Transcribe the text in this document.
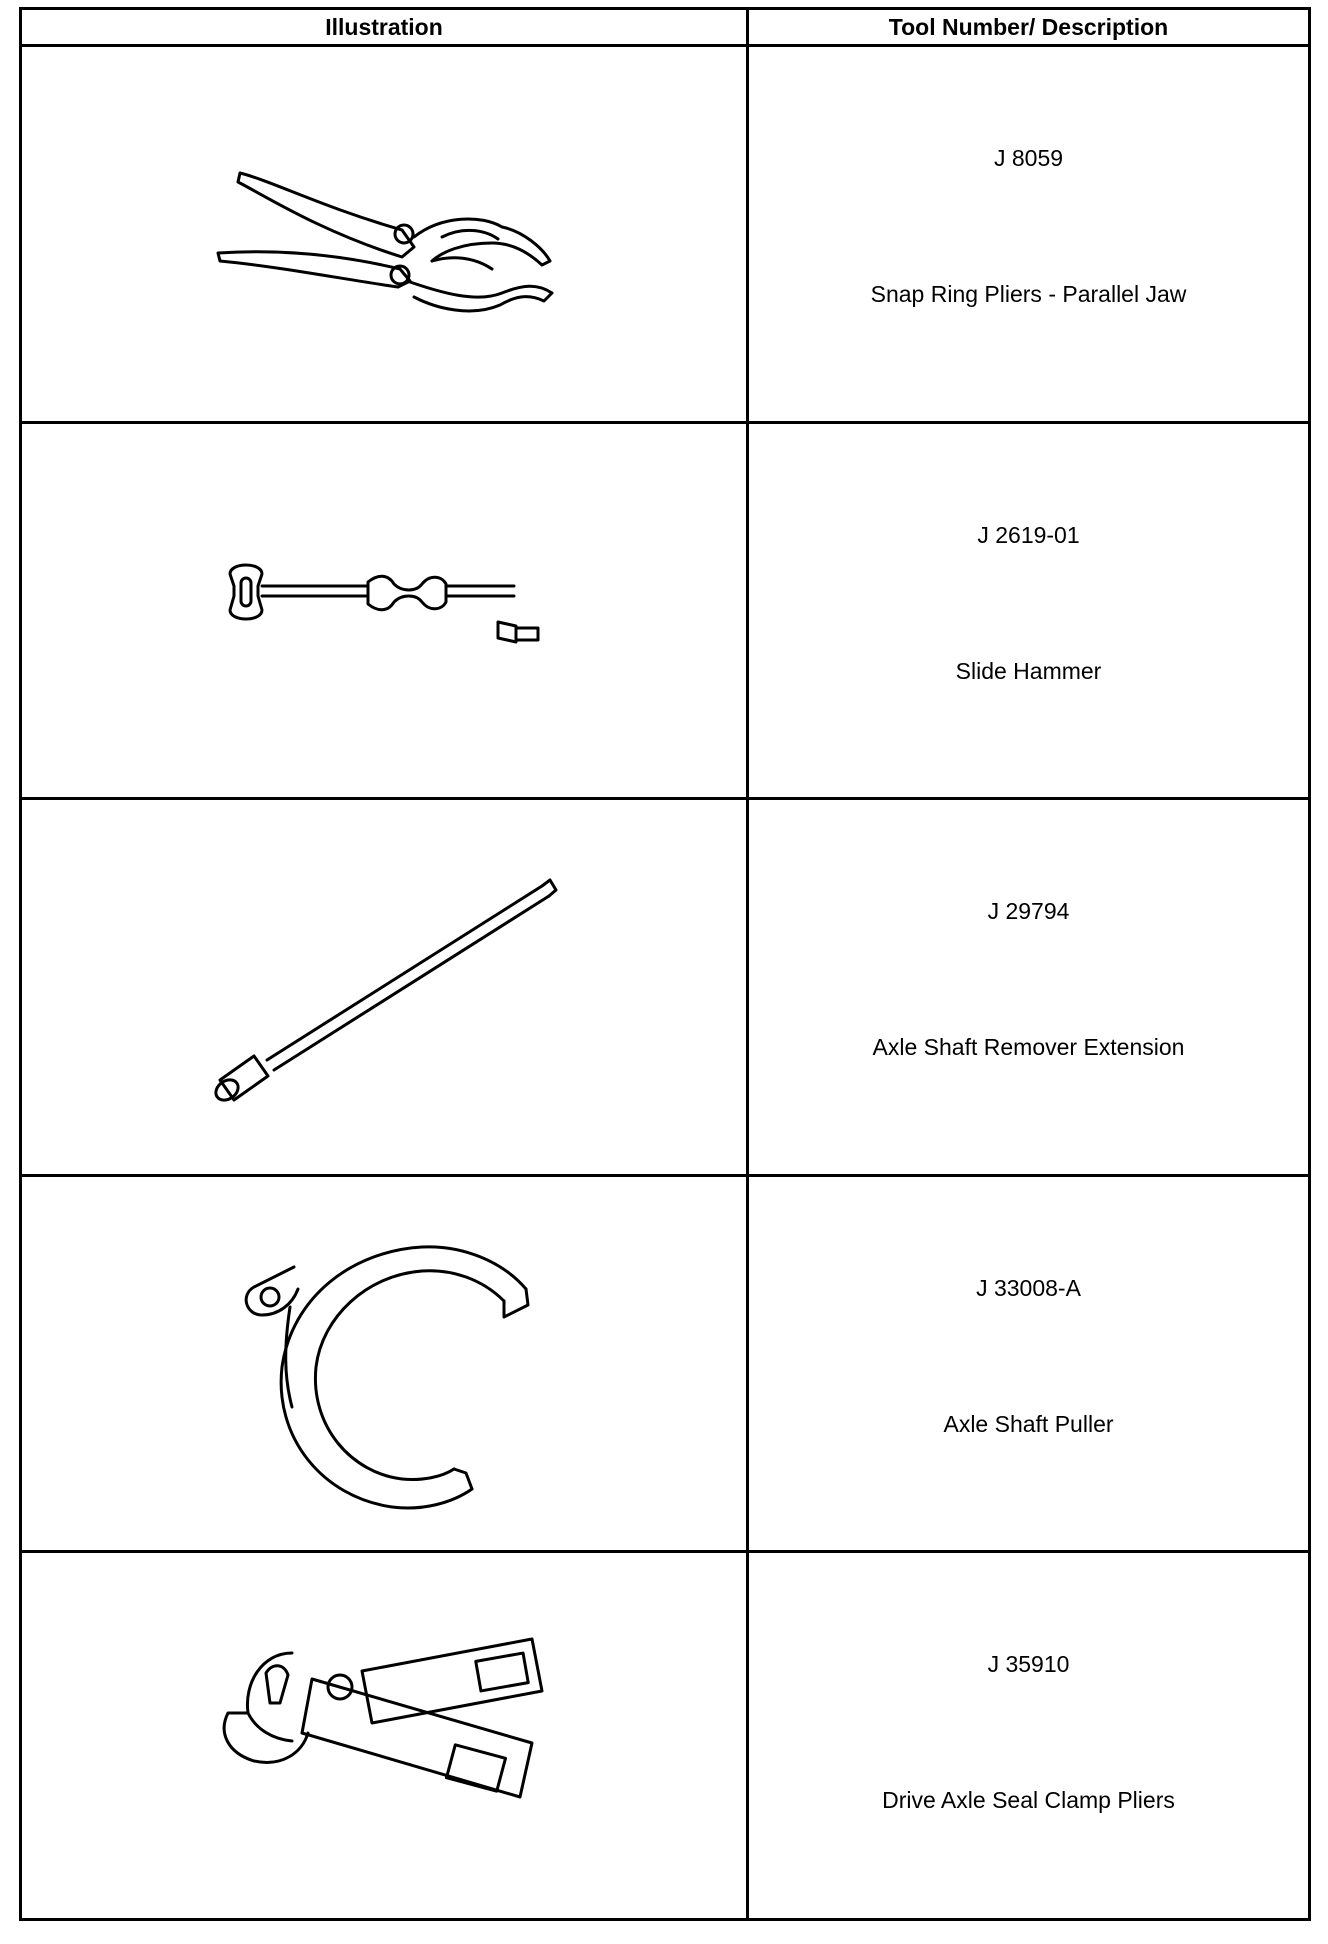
Illustration	Tool Number/ Description
J 8059
Snap Ring Pliers - Parallel Jaw
J 2619-01
Slide Hammer
J 29794
Axle Shaft Remover Extension
J 33008-A
Axle Shaft Puller
J 35910
Drive Axle Seal Clamp Pliers
